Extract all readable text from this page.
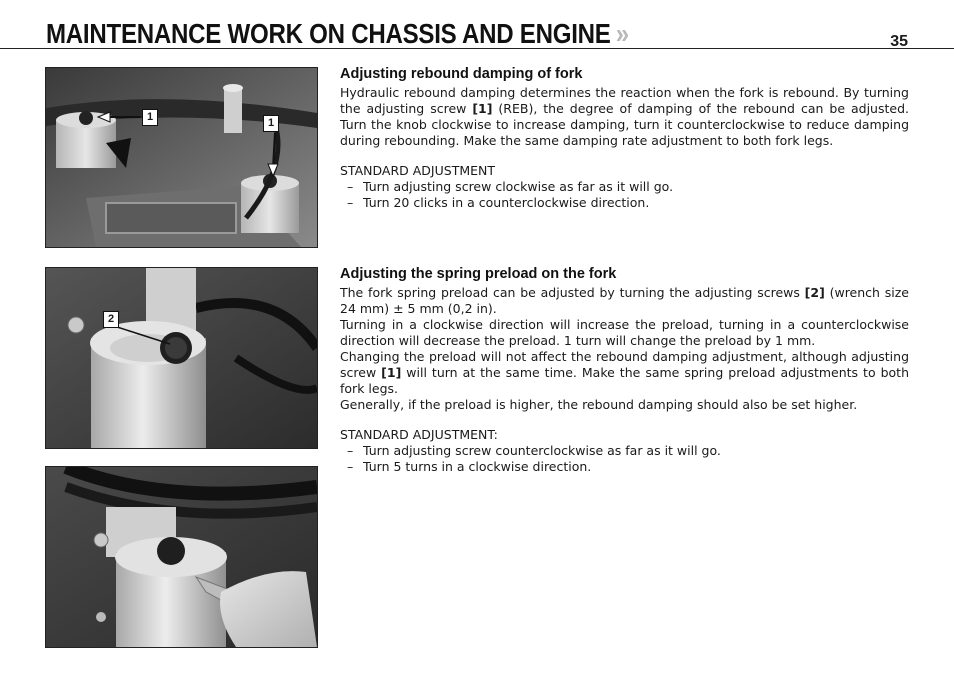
MAINTENANCE WORK ON CHASSIS AND ENGINE »	35
1	1
2
Adjusting rebound damping of fork

Hydraulic rebound damping determines the reaction when the fork is rebound. By turning the adjusting screw [1] (REB), the degree of damping of the rebound can be adjusted. Turn the knob clockwise to increase damping, turn it counterclockwise to reduce damping during rebounding. Make the same damping rate adjustment to both fork legs.

STANDARD ADJUSTMENT

– Turn adjusting screw clockwise as far as it will go.

– Turn 20 clicks in a counterclockwise direction.

Adjusting the spring preload on the fork

The fork spring preload can be adjusted by turning the adjusting screws [2] (wrench size 24 mm) ± 5 mm (0,2 in).

Turning in a clockwise direction will increase the preload, turning in a counterclockwise direction will decrease the preload. 1 turn will change the preload by 1 mm.

Changing the preload will not affect the rebound damping adjustment, although adjusting screw [1] will turn at the same time. Make the same spring preload adjustments to both fork legs.

Generally, if the preload is higher, the rebound damping should also be set higher.

STANDARD ADJUSTMENT:

– Turn adjusting screw counterclockwise as far as it will go.

– Turn 5 turns in a clockwise direction.
